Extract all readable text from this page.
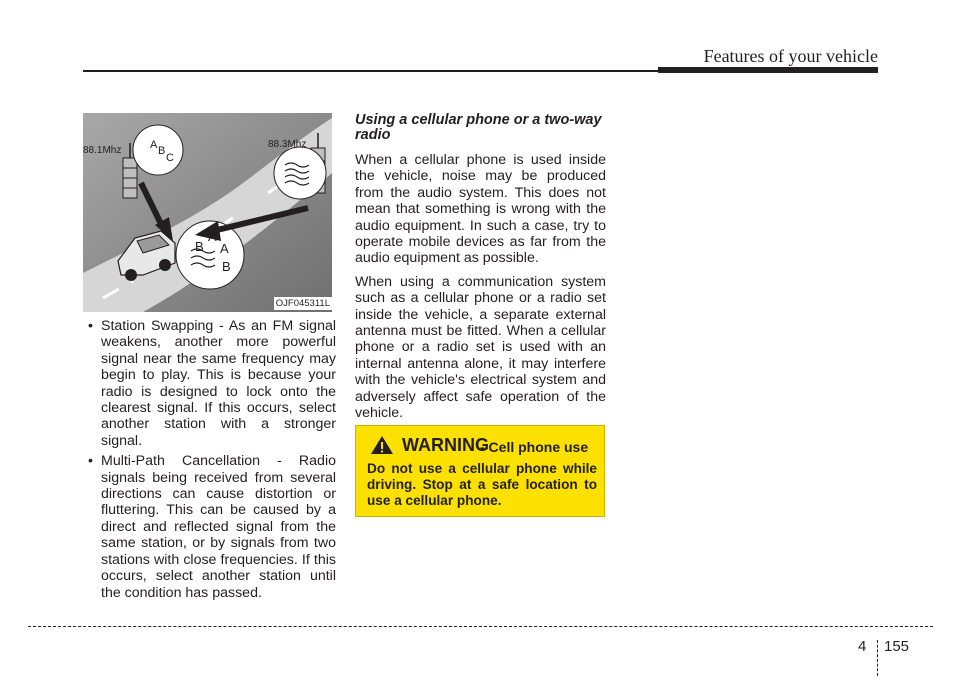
Features of your vehicle
88.1Mhz
88.3Mhz
A B
C
A
B A
B
OJF045311L
• Station Swapping - As an FM signal weakens, another more powerful signal near the same frequency may begin to play. This is because your radio is designed to lock onto the clearest signal. If this occurs, select another station with a stronger signal.
• Multi-Path Cancellation - Radio signals being received from several directions can cause distortion or fluttering. This can be caused by a direct and reflected signal from the same station, or by signals from two stations with close frequencies. If this occurs, select another station until the condition has passed.
Using a cellular phone or a two-way radio
When a cellular phone is used inside the vehicle, noise may be produced from the audio system. This does not mean that something is wrong with the audio equipment. In such a case, try to operate mobile devices as far from the audio equipment as possible.
When using a communication system such as a cellular phone or a radio set inside the vehicle, a separate external antenna must be fitted. When a cellular phone or a radio set is used with an internal antenna alone, it may interfere with the vehicle's electrical system and adversely affect safe operation of the vehicle.
WARNING
- Cell phone use
Do not use a cellular phone while driving. Stop at a safe location to use a cellular phone.
4 155
